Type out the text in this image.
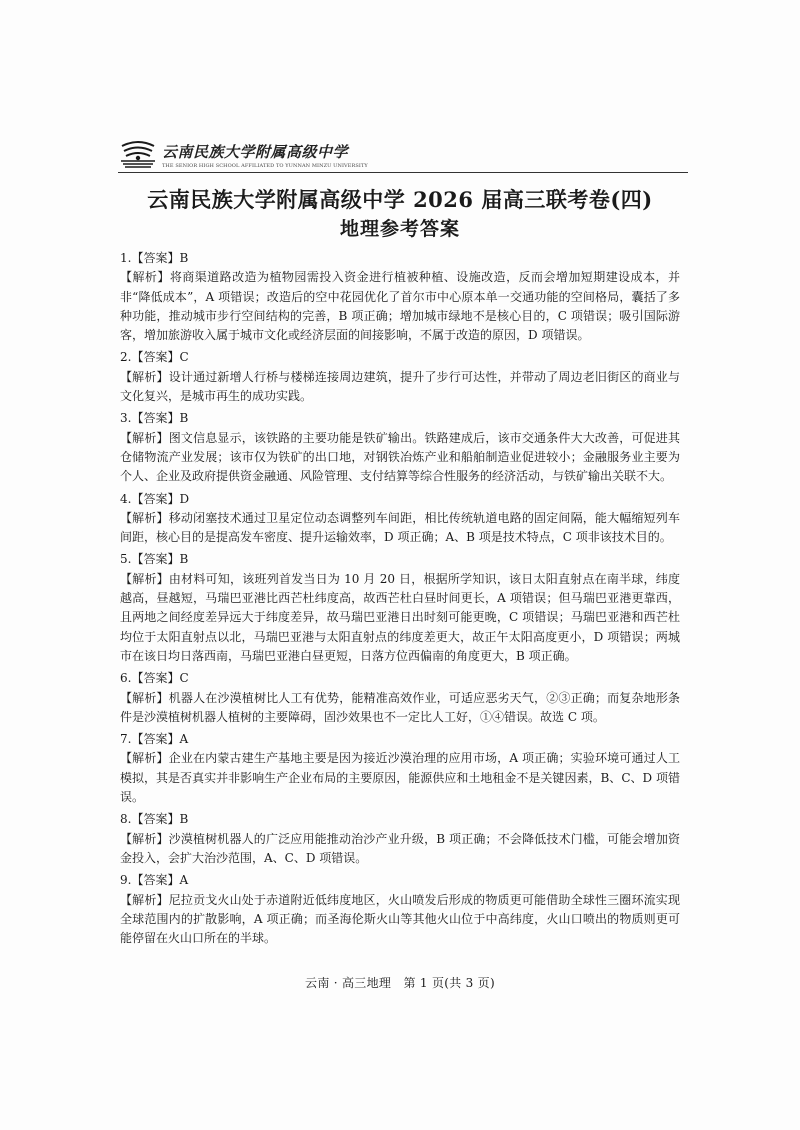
云南民族大学附属高级中学
THE SENIOR HIGH SCHOOL AFFILIATED TO YUNNAN MINZU UNIVERSITY
云南民族大学附属高级中学 2026 届高三联考卷(四)
地理参考答案
1.【答案】B
【解析】将商渠道路改造为植物园需投入资金进行植被种植、设施改造，反而会增加短期建设成本，并非“降低成本”，A 项错误；改造后的空中花园优化了首尔市中心原本单一交通功能的空间格局，囊括了多种功能，推动城市步行空间结构的完善，B 项正确；增加城市绿地不是核心目的，C 项错误；吸引国际游客，增加旅游收入属于城市文化或经济层面的间接影响，不属于改造的原因，D 项错误。
2.【答案】C
【解析】设计通过新增人行桥与楼梯连接周边建筑，提升了步行可达性，并带动了周边老旧街区的商业与文化复兴，是城市再生的成功实践。
3.【答案】B
【解析】图文信息显示，该铁路的主要功能是铁矿输出。铁路建成后，该市交通条件大大改善，可促进其仓储物流产业发展；该市仅为铁矿的出口地，对钢铁冶炼产业和船舶制造业促进较小；金融服务业主要为个人、企业及政府提供资金融通、风险管理、支付结算等综合性服务的经济活动，与铁矿输出关联不大。
4.【答案】D
【解析】移动闭塞技术通过卫星定位动态调整列车间距，相比传统轨道电路的固定间隔，能大幅缩短列车间距，核心目的是提高发车密度、提升运输效率，D 项正确；A、B 项是技术特点，C 项非该技术目的。
5.【答案】B
【解析】由材料可知，该班列首发当日为 10 月 20 日，根据所学知识，该日太阳直射点在南半球，纬度越高，昼越短，马瑞巴亚港比西芒杜纬度高，故西芒杜白昼时间更长，A 项错误；但马瑞巴亚港更靠西，且两地之间经度差异远大于纬度差异，故马瑞巴亚港日出时刻可能更晚，C 项错误；马瑞巴亚港和西芒杜均位于太阳直射点以北，马瑞巴亚港与太阳直射点的纬度差更大，故正午太阳高度更小，D 项错误；两城市在该日均日落西南，马瑞巴亚港白昼更短，日落方位西偏南的角度更大，B 项正确。
6.【答案】C
【解析】机器人在沙漠植树比人工有优势，能精准高效作业，可适应恶劣天气，②③正确；而复杂地形条件是沙漠植树机器人植树的主要障碍，固沙效果也不一定比人工好，①④错误。故选 C 项。
7.【答案】A
【解析】企业在内蒙古建生产基地主要是因为接近沙漠治理的应用市场，A 项正确；实验环境可通过人工模拟，其是否真实并非影响生产企业布局的主要原因，能源供应和土地租金不是关键因素，B、C、D 项错误。
8.【答案】B
【解析】沙漠植树机器人的广泛应用能推动治沙产业升级，B 项正确；不会降低技术门槛，可能会增加资金投入，会扩大治沙范围，A、C、D 项错误。
9.【答案】A
【解析】尼拉贡戈火山处于赤道附近低纬度地区，火山喷发后形成的物质更可能借助全球性三圈环流实现全球范围内的扩散影响，A 项正确；而圣海伦斯火山等其他火山位于中高纬度，火山口喷出的物质则更可能停留在火山口所在的半球。
云南 · 高三地理　第 1 页(共 3 页)
